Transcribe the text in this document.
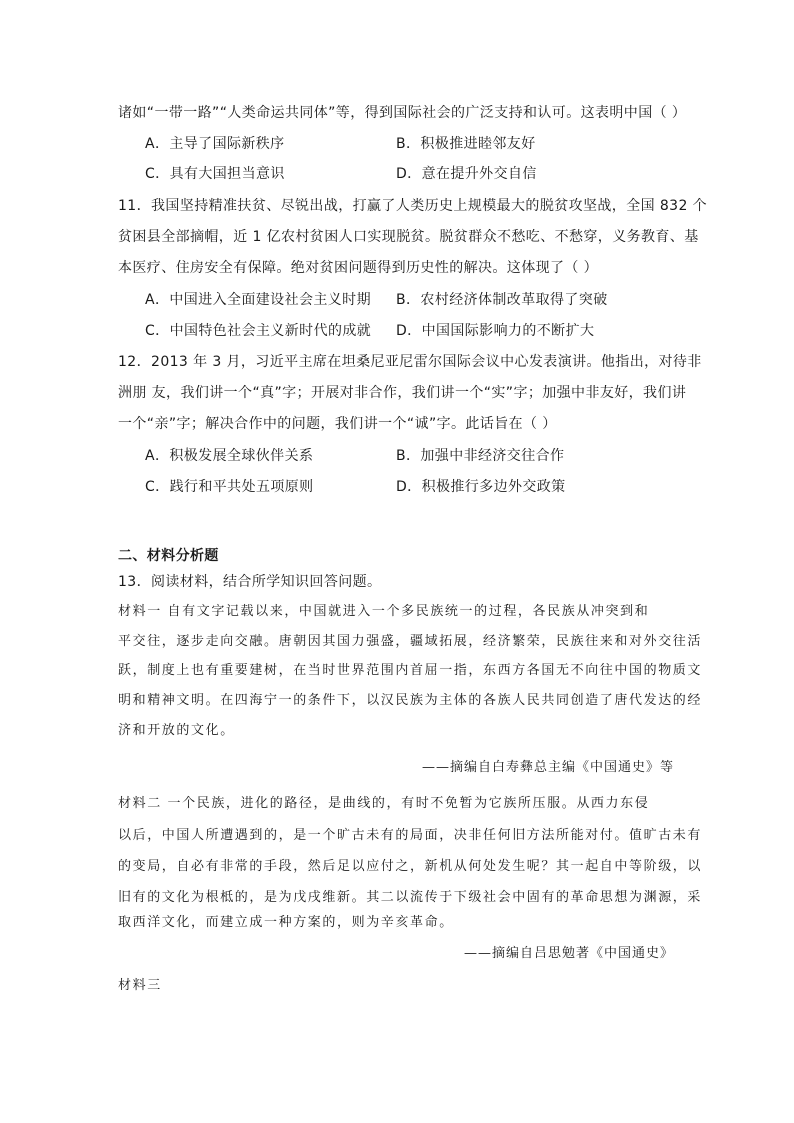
诸如“一带一路”“人类命运共同体”等，得到国际社会的广泛支持和认可。这表明中国（ ）
A．主导了国际新秩序	B．积极推进睦邻友好
C．具有大国担当意识	D．意在提升外交自信
11．我国坚持精准扶贫、尽锐出战，打赢了人类历史上规模最大的脱贫攻坚战，全国 832 个
贫困县全部摘帽，近 1 亿农村贫困人口实现脱贫。脱贫群众不愁吃、不愁穿，义务教育、基
本医疗、住房安全有保障。绝对贫困问题得到历史性的解决。这体现了（ ）
A．中国进入全面建设社会主义时期 B．农村经济体制改革取得了突破
C．中国特色社会主义新时代的成就 D．中国国际影响力的不断扩大
12．2013 年 3 月，习近平主席在坦桑尼亚尼雷尔国际会议中心发表演讲。他指出，对待非
洲朋 友，我们讲一个“真”字；开展对非合作，我们讲一个“实”字；加强中非友好，我们讲
一个“亲”字；解决合作中的问题，我们讲一个“诚”字。此话旨在（ ）
A．积极发展全球伙伴关系	B．加强中非经济交往合作
C．践行和平共处五项原则	D．积极推行多边外交政策
二、材料分析题
13．阅读材料，结合所学知识回答问题。
材料一 自有文字记载以来，中国就进入一个多民族统一的过程，各民族从冲突到和
平交往，逐步走向交融。唐朝因其国力强盛，疆域拓展，经济繁荣，民族往来和对外交往活
跃，制度上也有重要建树，在当时世界范围内首屈一指，东西方各国无不向往中国的物质文
明和精神文明。在四海宁一的条件下，以汉民族为主体的各族人民共同创造了唐代发达的经
济和开放的文化。
——摘编自白寿彝总主编《中国通史》等
材料二 一个民族，进化的路径，是曲线的，有时不免暂为它族所压服。从西力东侵
以后，中国人所遭遇到的，是一个旷古未有的局面，决非任何旧方法所能对付。值旷古未有
的变局，自必有非常的手段，然后足以应付之，新机从何处发生呢？其一起自中等阶级，以
旧有的文化为根柢的，是为戊戌维新。其二以流传于下级社会中固有的革命思想为渊源，采
取西洋文化，而建立成一种方案的，则为辛亥革命。
——摘编自吕思勉著《中国通史》
材料三
